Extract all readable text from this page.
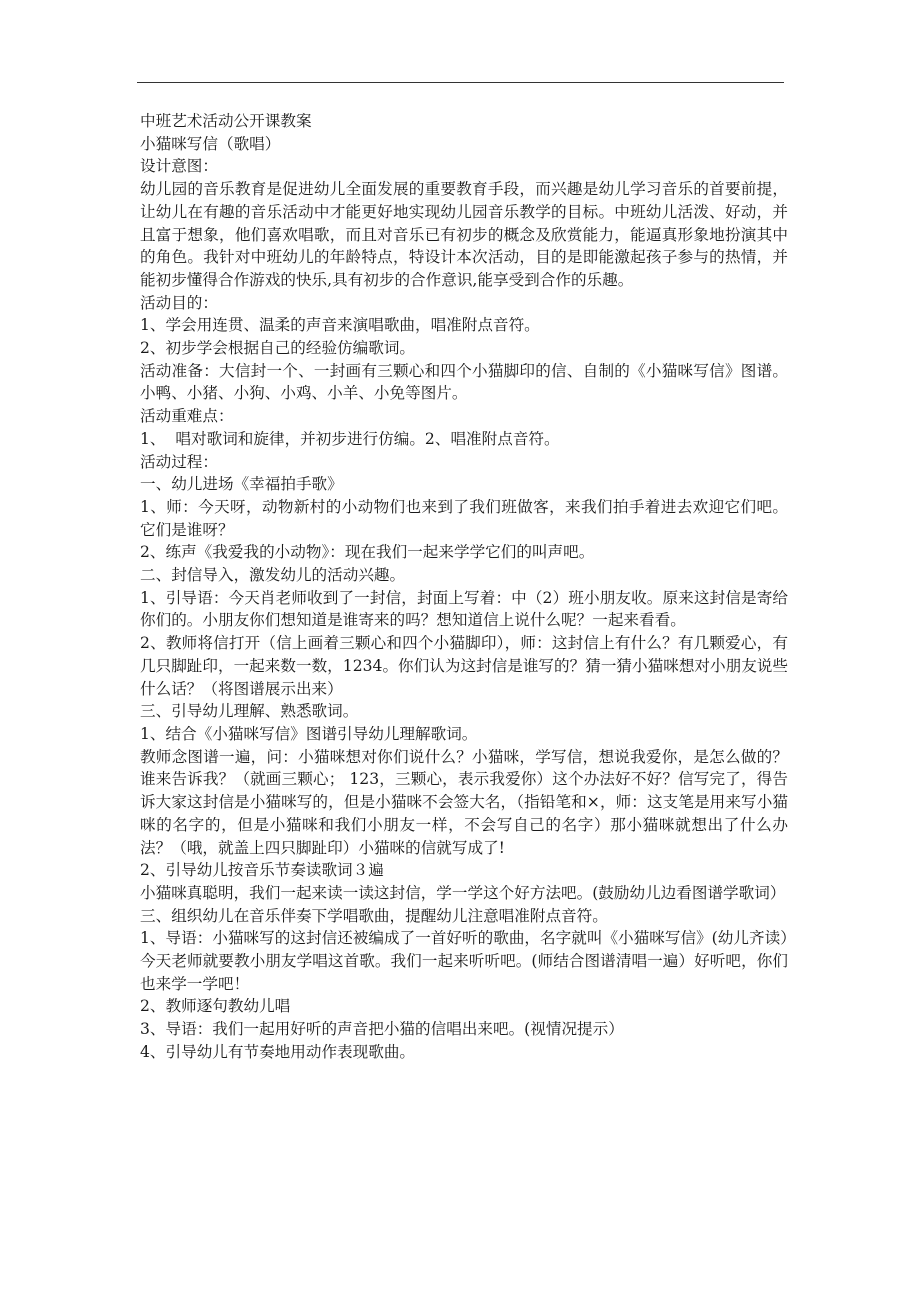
中班艺术活动公开课教案

小猫咪写信（歌唱）

设计意图：

幼儿园的音乐教育是促进幼儿全面发展的重要教育手段，而兴趣是幼儿学习音乐的首要前提，让幼儿在有趣的音乐活动中才能更好地实现幼儿园音乐教学的目标。中班幼儿活泼、好动，并且富于想象，他们喜欢唱歌，而且对音乐已有初步的概念及欣赏能力，能逼真形象地扮演其中的角色。我针对中班幼儿的年龄特点，特设计本次活动，目的是即能激起孩子参与的热情，并能初步懂得合作游戏的快乐,具有初步的合作意识,能享受到合作的乐趣。

活动目的：

1、学会用连贯、温柔的声音来演唱歌曲，唱准附点音符。

2、初步学会根据自己的经验仿编歌词。

活动准备：大信封一个、一封画有三颗心和四个小猫脚印的信、自制的《小猫咪写信》图谱。小鸭、小猪、小狗、小鸡、小羊、小免等图片。

活动重难点：

1、  唱对歌词和旋律，并初步进行仿编。2、唱准附点音符。

活动过程：

一、幼儿进场《幸福拍手歌》

1、师：今天呀，动物新村的小动物们也来到了我们班做客，来我们拍手着进去欢迎它们吧。它们是谁呀？

2、练声《我爱我的小动物》：现在我们一起来学学它们的叫声吧。

二、封信导入，激发幼儿的活动兴趣。

1、引导语：今天肖老师收到了一封信，封面上写着：中（2）班小朋友收。原来这封信是寄给你们的。小朋友你们想知道是谁寄来的吗？想知道信上说什么呢？一起来看看。

2、教师将信打开（信上画着三颗心和四个小猫脚印），师：这封信上有什么？有几颗爱心，有几只脚趾印，一起来数一数，1234。你们认为这封信是谁写的？猜一猜小猫咪想对小朋友说些什么话？（将图谱展示出来）

三、引导幼儿理解、熟悉歌词。

1、结合《小猫咪写信》图谱引导幼儿理解歌词。

教师念图谱一遍，问：小猫咪想对你们说什么？小猫咪，学写信，想说我爱你，是怎么做的？谁来告诉我？（就画三颗心； 123，三颗心，表示我爱你）这个办法好不好？信写完了，得告诉大家这封信是小猫咪写的，但是小猫咪不会签大名，（指铅笔和×，师：这支笔是用来写小猫咪的名字的，但是小猫咪和我们小朋友一样，不会写自己的名字）那小猫咪就想出了什么办法？（哦，就盖上四只脚趾印）小猫咪的信就写成了!

2、引导幼儿按音乐节奏读歌词３遍

小猫咪真聪明，我们一起来读一读这封信，学一学这个好方法吧。(鼓励幼儿边看图谱学歌词）

三、组织幼儿在音乐伴奏下学唱歌曲，提醒幼儿注意唱准附点音符。

1、导语：小猫咪写的这封信还被编成了一首好听的歌曲，名字就叫《小猫咪写信》(幼儿齐读）今天老师就要教小朋友学唱这首歌。我们一起来听听吧。(师结合图谱清唱一遍）好听吧，你们也来学一学吧！

2、教师逐句教幼儿唱

3、导语：我们一起用好听的声音把小猫的信唱出来吧。(视情况提示）

4、引导幼儿有节奏地用动作表现歌曲。
